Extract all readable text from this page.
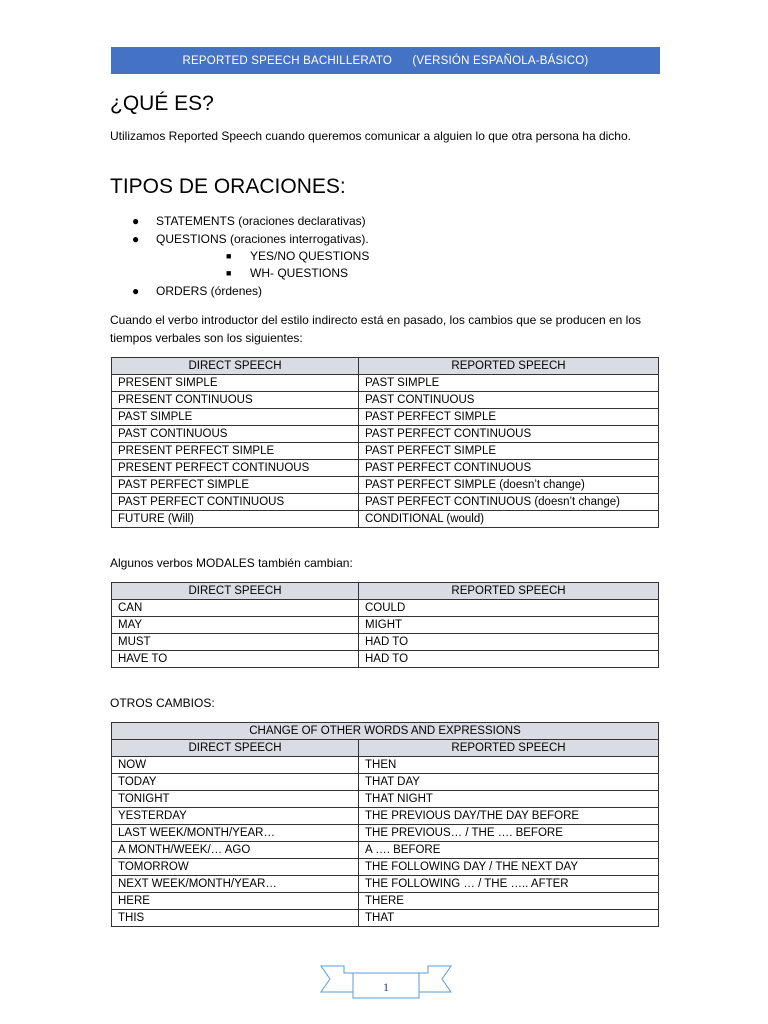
REPORTED SPEECH BACHILLERATO
(VERSIÓN ESPAÑOLA-BÁSICO)
¿QUÉ ES?

Utilizamos Reported Speech cuando queremos comunicar a alguien lo que otra persona ha dicho.

TIPOS DE ORACIONES:
● STATEMENTS (oraciones declarativas)
● QUESTIONS (oraciones interrogativas).
■ YES/NO QUESTIONS
■ WH- QUESTIONS
● ORDERS (órdenes)

Cuando el verbo introductor del estilo indirecto está en pasado, los cambios que se producen en los tiempos verbales son los siguientes:

DIRECT SPEECH	REPORTED SPEECH
PRESENT SIMPLE	PAST SIMPLE
PRESENT CONTINUOUS	PAST CONTINUOUS
PAST SIMPLE	PAST PERFECT SIMPLE
PAST CONTINUOUS	PAST PERFECT CONTINUOUS
PRESENT PERFECT SIMPLE	PAST PERFECT SIMPLE
PRESENT PERFECT CONTINUOUS	PAST PERFECT CONTINUOUS
PAST PERFECT SIMPLE	PAST PERFECT SIMPLE (doesn’t change)
PAST PERFECT CONTINUOUS	PAST PERFECT CONTINUOUS (doesn’t change)
FUTURE (Will)	CONDITIONAL (would)

Algunos verbos MODALES también cambian:

DIRECT SPEECH	REPORTED SPEECH
CAN	COULD
MAY	MIGHT
MUST	HAD TO
HAVE TO	HAD TO

OTROS CAMBIOS:

CHANGE OF OTHER WORDS AND EXPRESSIONS	
DIRECT SPEECH	REPORTED SPEECH
NOW	THEN
TODAY	THAT DAY
TONIGHT	THAT NIGHT
YESTERDAY	THE PREVIOUS DAY/THE DAY BEFORE
LAST WEEK/MONTH/YEAR…	THE PREVIOUS… / THE …. BEFORE
A MONTH/WEEK/… AGO	A …. BEFORE
TOMORROW	THE FOLLOWING DAY / THE NEXT DAY
NEXT WEEK/MONTH/YEAR…	THE FOLLOWING … / THE ….. AFTER
HERE	THERE
THIS	THAT
1
